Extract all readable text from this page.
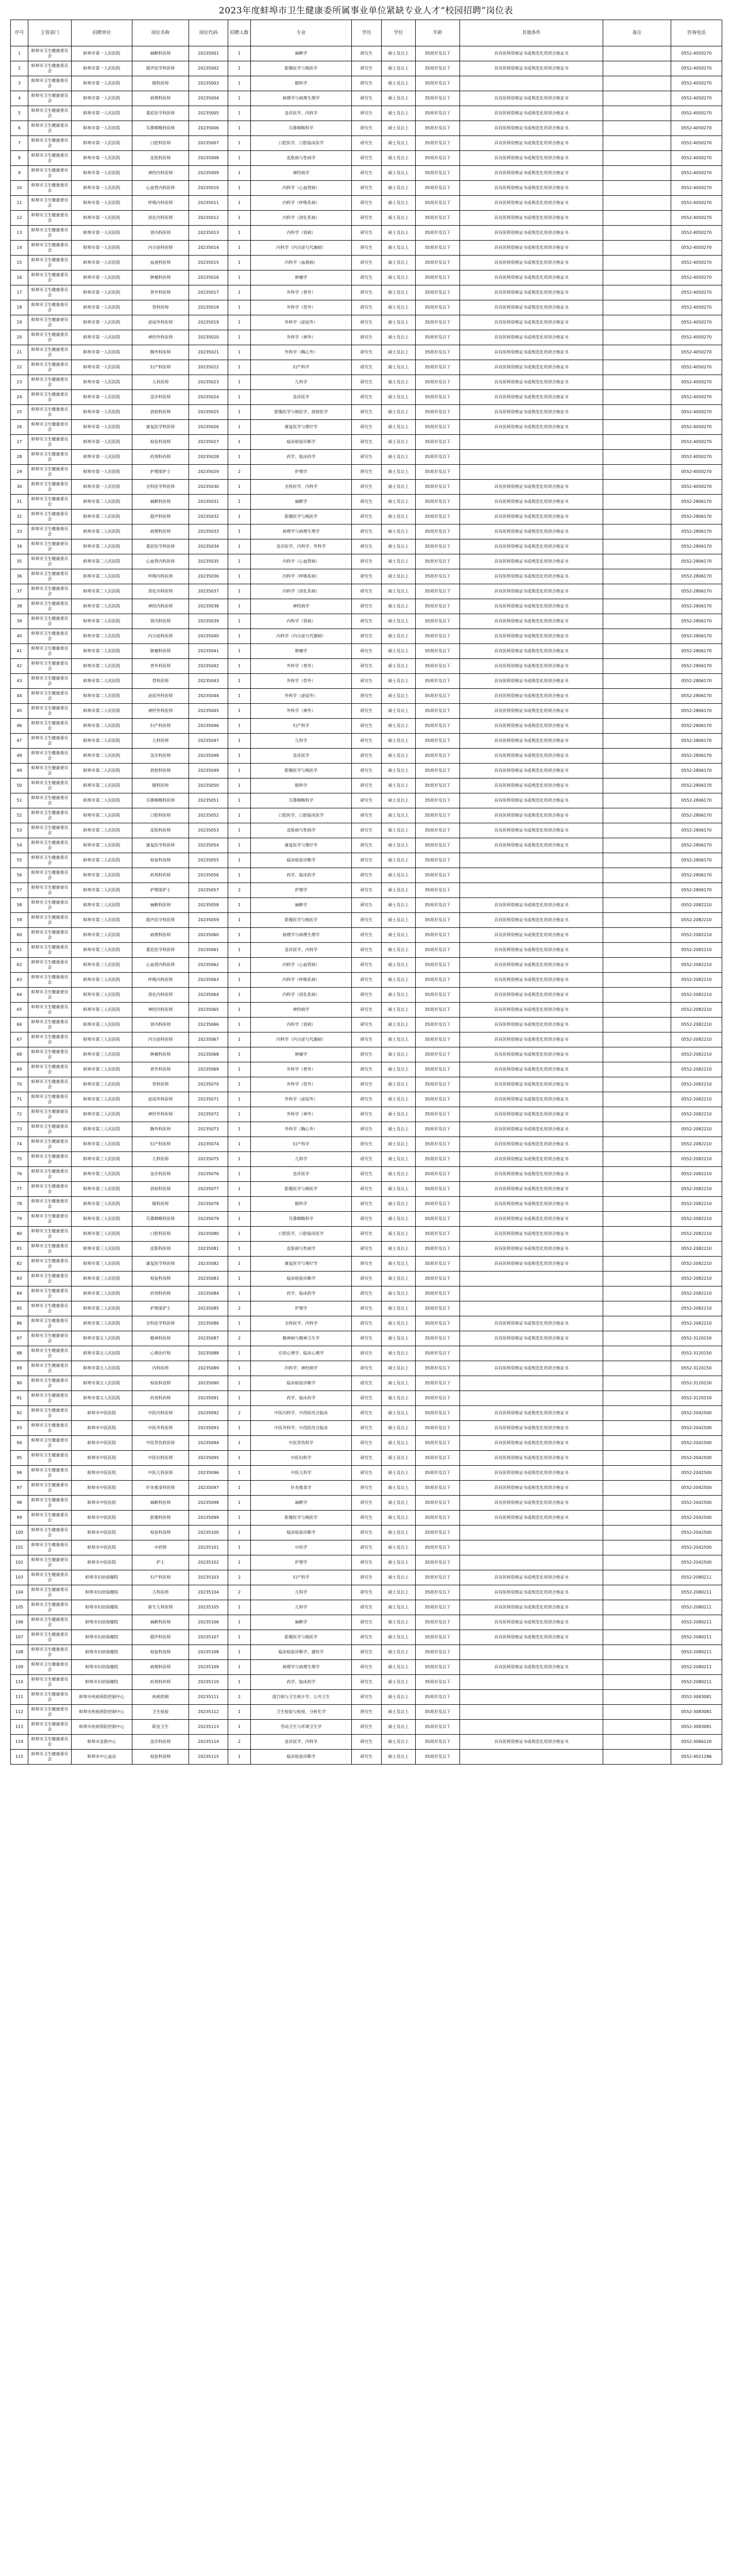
2023年度蚌埠市卫生健康委所属事业单位紧缺专业人才“校园招聘”岗位表
序号	主管部门	招聘单位	岗位名称	岗位代码	招聘人数	专业	学历	学位	年龄	其他条件	备注	咨询电话
1	蚌埠市卫生健康委员会	蚌埠市第一人民医院	麻醉科医师	20235001	1	麻醉学	研究生	硕士及以上	35周岁及以下	具有医师资格证书或规范化培训合格证书		0552-4050270
2	蚌埠市卫生健康委员会	蚌埠市第一人民医院	超声医学科医师	20235002	1	影像医学与核医学	研究生	硕士及以上	35周岁及以下	具有医师资格证书或规范化培训合格证书		0552-4050270
3	蚌埠市卫生健康委员会	蚌埠市第一人民医院	眼科医师	20235003	1	眼科学	研究生	硕士及以上	35周岁及以下			0552-4050270
4	蚌埠市卫生健康委员会	蚌埠市第一人民医院	病理科医师	20235004	1	病理学与病理生理学	研究生	硕士及以上	35周岁及以下	具有医师资格证书或规范化培训合格证书		0552-4050270
5	蚌埠市卫生健康委员会	蚌埠市第一人民医院	重症医学科医师	20235005	1	急诊医学、内科学	研究生	硕士及以上	35周岁及以下	具有医师资格证书或规范化培训合格证书		0552-4050270
6	蚌埠市卫生健康委员会	蚌埠市第一人民医院	耳鼻咽喉科医师	20235006	1	耳鼻咽喉科学	研究生	硕士及以上	35周岁及以下	具有医师资格证书或规范化培训合格证书		0552-4050270
7	蚌埠市卫生健康委员会	蚌埠市第一人民医院	口腔科医师	20235007	1	口腔医学、口腔临床医学	研究生	硕士及以上	35周岁及以下	具有医师资格证书或规范化培训合格证书		0552-4050270
8	蚌埠市卫生健康委员会	蚌埠市第一人民医院	皮肤科医师	20235008	1	皮肤病与性病学	研究生	硕士及以上	35周岁及以下	具有医师资格证书或规范化培训合格证书		0552-4050270
9	蚌埠市卫生健康委员会	蚌埠市第一人民医院	神经内科医师	20235009	1	神经病学	研究生	硕士及以上	35周岁及以下	具有医师资格证书或规范化培训合格证书		0552-4050270
10	蚌埠市卫生健康委员会	蚌埠市第一人民医院	心血管内科医师	20235010	1	内科学（心血管病）	研究生	硕士及以上	35周岁及以下	具有医师资格证书或规范化培训合格证书		0552-4050270
11	蚌埠市卫生健康委员会	蚌埠市第一人民医院	呼吸内科医师	20235011	1	内科学（呼吸系病）	研究生	硕士及以上	35周岁及以下	具有医师资格证书或规范化培训合格证书		0552-4050270
12	蚌埠市卫生健康委员会	蚌埠市第一人民医院	消化内科医师	20235012	1	内科学（消化系病）	研究生	硕士及以上	35周岁及以下	具有医师资格证书或规范化培训合格证书		0552-4050270
13	蚌埠市卫生健康委员会	蚌埠市第一人民医院	肾内科医师	20235013	1	内科学（肾病）	研究生	硕士及以上	35周岁及以下	具有医师资格证书或规范化培训合格证书		0552-4050270
14	蚌埠市卫生健康委员会	蚌埠市第一人民医院	内分泌科医师	20235014	1	内科学（内分泌与代谢病）	研究生	硕士及以上	35周岁及以下	具有医师资格证书或规范化培训合格证书		0552-4050270
15	蚌埠市卫生健康委员会	蚌埠市第一人民医院	血液科医师	20235015	1	内科学（血液病）	研究生	硕士及以上	35周岁及以下	具有医师资格证书或规范化培训合格证书		0552-4050270
16	蚌埠市卫生健康委员会	蚌埠市第一人民医院	肿瘤科医师	20235016	1	肿瘤学	研究生	硕士及以上	35周岁及以下	具有医师资格证书或规范化培训合格证书		0552-4050270
17	蚌埠市卫生健康委员会	蚌埠市第一人民医院	普外科医师	20235017	1	外科学（普外）	研究生	硕士及以上	35周岁及以下	具有医师资格证书或规范化培训合格证书		0552-4050270
18	蚌埠市卫生健康委员会	蚌埠市第一人民医院	骨科医师	20235018	1	外科学（骨外）	研究生	硕士及以上	35周岁及以下	具有医师资格证书或规范化培训合格证书		0552-4050270
19	蚌埠市卫生健康委员会	蚌埠市第一人民医院	泌尿外科医师	20235019	1	外科学（泌尿外）	研究生	硕士及以上	35周岁及以下	具有医师资格证书或规范化培训合格证书		0552-4050270
20	蚌埠市卫生健康委员会	蚌埠市第一人民医院	神经外科医师	20235020	1	外科学（神外）	研究生	硕士及以上	35周岁及以下	具有医师资格证书或规范化培训合格证书		0552-4050270
21	蚌埠市卫生健康委员会	蚌埠市第一人民医院	胸外科医师	20235021	1	外科学（胸心外）	研究生	硕士及以上	35周岁及以下	具有医师资格证书或规范化培训合格证书		0552-4050270
22	蚌埠市卫生健康委员会	蚌埠市第一人民医院	妇产科医师	20235022	1	妇产科学	研究生	硕士及以上	35周岁及以下	具有医师资格证书或规范化培训合格证书		0552-4050270
23	蚌埠市卫生健康委员会	蚌埠市第一人民医院	儿科医师	20235023	1	儿科学	研究生	硕士及以上	35周岁及以下	具有医师资格证书或规范化培训合格证书		0552-4050270
24	蚌埠市卫生健康委员会	蚌埠市第一人民医院	急诊科医师	20235024	1	急诊医学	研究生	硕士及以上	35周岁及以下	具有医师资格证书或规范化培训合格证书		0552-4050270
25	蚌埠市卫生健康委员会	蚌埠市第一人民医院	放射科医师	20235025	1	影像医学与核医学、放射医学	研究生	硕士及以上	35周岁及以下	具有医师资格证书或规范化培训合格证书		0552-4050270
26	蚌埠市卫生健康委员会	蚌埠市第一人民医院	康复医学科医师	20235026	1	康复医学与理疗学	研究生	硕士及以上	35周岁及以下	具有医师资格证书或规范化培训合格证书		0552-4050270
27	蚌埠市卫生健康委员会	蚌埠市第一人民医院	检验科技师	20235027	1	临床检验诊断学	研究生	硕士及以上	35周岁及以下			0552-4050270
28	蚌埠市卫生健康委员会	蚌埠市第一人民医院	药剂科药师	20235028	1	药学、临床药学	研究生	硕士及以上	35周岁及以下			0552-4050270
29	蚌埠市卫生健康委员会	蚌埠市第一人民医院	护理部护士	20235029	2	护理学	研究生	硕士及以上	35周岁及以下			0552-4050270
30	蚌埠市卫生健康委员会	蚌埠市第一人民医院	全科医学科医师	20235030	1	全科医学、内科学	研究生	硕士及以上	35周岁及以下	具有医师资格证书或规范化培训合格证书		0552-4050270
31	蚌埠市卫生健康委员会	蚌埠市第二人民医院	麻醉科医师	20235031	1	麻醉学	研究生	硕士及以上	35周岁及以下	具有医师资格证书或规范化培训合格证书		0552-2806170
32	蚌埠市卫生健康委员会	蚌埠市第二人民医院	超声科医师	20235032	1	影像医学与核医学	研究生	硕士及以上	35周岁及以下	具有医师资格证书或规范化培训合格证书		0552-2806170
33	蚌埠市卫生健康委员会	蚌埠市第二人民医院	病理科医师	20235033	1	病理学与病理生理学	研究生	硕士及以上	35周岁及以下	具有医师资格证书或规范化培训合格证书		0552-2806170
34	蚌埠市卫生健康委员会	蚌埠市第二人民医院	重症医学科医师	20235034	1	急诊医学、内科学、外科学	研究生	硕士及以上	35周岁及以下	具有医师资格证书或规范化培训合格证书		0552-2806170
35	蚌埠市卫生健康委员会	蚌埠市第二人民医院	心血管内科医师	20235035	1	内科学（心血管病）	研究生	硕士及以上	35周岁及以下	具有医师资格证书或规范化培训合格证书		0552-2806170
36	蚌埠市卫生健康委员会	蚌埠市第二人民医院	呼吸内科医师	20235036	1	内科学（呼吸系病）	研究生	硕士及以上	35周岁及以下	具有医师资格证书或规范化培训合格证书		0552-2806170
37	蚌埠市卫生健康委员会	蚌埠市第二人民医院	消化内科医师	20235037	1	内科学（消化系病）	研究生	硕士及以上	35周岁及以下	具有医师资格证书或规范化培训合格证书		0552-2806170
38	蚌埠市卫生健康委员会	蚌埠市第二人民医院	神经内科医师	20235038	1	神经病学	研究生	硕士及以上	35周岁及以下	具有医师资格证书或规范化培训合格证书		0552-2806170
39	蚌埠市卫生健康委员会	蚌埠市第二人民医院	肾内科医师	20235039	1	内科学（肾病）	研究生	硕士及以上	35周岁及以下	具有医师资格证书或规范化培训合格证书		0552-2806170
40	蚌埠市卫生健康委员会	蚌埠市第二人民医院	内分泌科医师	20235040	1	内科学（内分泌与代谢病）	研究生	硕士及以上	35周岁及以下	具有医师资格证书或规范化培训合格证书		0552-2806170
41	蚌埠市卫生健康委员会	蚌埠市第二人民医院	肿瘤科医师	20235041	1	肿瘤学	研究生	硕士及以上	35周岁及以下	具有医师资格证书或规范化培训合格证书		0552-2806170
42	蚌埠市卫生健康委员会	蚌埠市第二人民医院	普外科医师	20235042	1	外科学（普外）	研究生	硕士及以上	35周岁及以下	具有医师资格证书或规范化培训合格证书		0552-2806170
43	蚌埠市卫生健康委员会	蚌埠市第二人民医院	骨科医师	20235043	1	外科学（骨外）	研究生	硕士及以上	35周岁及以下	具有医师资格证书或规范化培训合格证书		0552-2806170
44	蚌埠市卫生健康委员会	蚌埠市第二人民医院	泌尿外科医师	20235044	1	外科学（泌尿外）	研究生	硕士及以上	35周岁及以下	具有医师资格证书或规范化培训合格证书		0552-2806170
45	蚌埠市卫生健康委员会	蚌埠市第二人民医院	神经外科医师	20235045	1	外科学（神外）	研究生	硕士及以上	35周岁及以下	具有医师资格证书或规范化培训合格证书		0552-2806170
46	蚌埠市卫生健康委员会	蚌埠市第二人民医院	妇产科医师	20235046	1	妇产科学	研究生	硕士及以上	35周岁及以下	具有医师资格证书或规范化培训合格证书		0552-2806170
47	蚌埠市卫生健康委员会	蚌埠市第二人民医院	儿科医师	20235047	1	儿科学	研究生	硕士及以上	35周岁及以下	具有医师资格证书或规范化培训合格证书		0552-2806170
48	蚌埠市卫生健康委员会	蚌埠市第二人民医院	急诊科医师	20235048	1	急诊医学	研究生	硕士及以上	35周岁及以下	具有医师资格证书或规范化培训合格证书		0552-2806170
49	蚌埠市卫生健康委员会	蚌埠市第二人民医院	放射科医师	20235049	1	影像医学与核医学	研究生	硕士及以上	35周岁及以下	具有医师资格证书或规范化培训合格证书		0552-2806170
50	蚌埠市卫生健康委员会	蚌埠市第二人民医院	眼科医师	20235050	1	眼科学	研究生	硕士及以上	35周岁及以下	具有医师资格证书或规范化培训合格证书		0552-2806170
51	蚌埠市卫生健康委员会	蚌埠市第二人民医院	耳鼻咽喉科医师	20235051	1	耳鼻咽喉科学	研究生	硕士及以上	35周岁及以下	具有医师资格证书或规范化培训合格证书		0552-2806170
52	蚌埠市卫生健康委员会	蚌埠市第二人民医院	口腔科医师	20235052	1	口腔医学、口腔临床医学	研究生	硕士及以上	35周岁及以下	具有医师资格证书或规范化培训合格证书		0552-2806170
53	蚌埠市卫生健康委员会	蚌埠市第二人民医院	皮肤科医师	20235053	1	皮肤病与性病学	研究生	硕士及以上	35周岁及以下	具有医师资格证书或规范化培训合格证书		0552-2806170
54	蚌埠市卫生健康委员会	蚌埠市第二人民医院	康复医学科医师	20235054	1	康复医学与理疗学	研究生	硕士及以上	35周岁及以下	具有医师资格证书或规范化培训合格证书		0552-2806170
55	蚌埠市卫生健康委员会	蚌埠市第二人民医院	检验科技师	20235055	1	临床检验诊断学	研究生	硕士及以上	35周岁及以下			0552-2806170
56	蚌埠市卫生健康委员会	蚌埠市第二人民医院	药剂科药师	20235056	1	药学、临床药学	研究生	硕士及以上	35周岁及以下			0552-2806170
57	蚌埠市卫生健康委员会	蚌埠市第二人民医院	护理部护士	20235057	2	护理学	研究生	硕士及以上	35周岁及以下			0552-2806170
58	蚌埠市卫生健康委员会	蚌埠市第三人民医院	麻醉科医师	20235058	1	麻醉学	研究生	硕士及以上	35周岁及以下	具有医师资格证书或规范化培训合格证书		0552-2082210
59	蚌埠市卫生健康委员会	蚌埠市第三人民医院	超声医学科医师	20235059	1	影像医学与核医学	研究生	硕士及以上	35周岁及以下	具有医师资格证书或规范化培训合格证书		0552-2082210
60	蚌埠市卫生健康委员会	蚌埠市第三人民医院	病理科医师	20235060	1	病理学与病理生理学	研究生	硕士及以上	35周岁及以下	具有医师资格证书或规范化培训合格证书		0552-2082210
61	蚌埠市卫生健康委员会	蚌埠市第三人民医院	重症医学科医师	20235061	1	急诊医学、内科学	研究生	硕士及以上	35周岁及以下	具有医师资格证书或规范化培训合格证书		0552-2082210
62	蚌埠市卫生健康委员会	蚌埠市第三人民医院	心血管内科医师	20235062	1	内科学（心血管病）	研究生	硕士及以上	35周岁及以下	具有医师资格证书或规范化培训合格证书		0552-2082210
63	蚌埠市卫生健康委员会	蚌埠市第三人民医院	呼吸内科医师	20235063	1	内科学（呼吸系病）	研究生	硕士及以上	35周岁及以下	具有医师资格证书或规范化培训合格证书		0552-2082210
64	蚌埠市卫生健康委员会	蚌埠市第三人民医院	消化内科医师	20235064	1	内科学（消化系病）	研究生	硕士及以上	35周岁及以下	具有医师资格证书或规范化培训合格证书		0552-2082210
65	蚌埠市卫生健康委员会	蚌埠市第三人民医院	神经内科医师	20235065	1	神经病学	研究生	硕士及以上	35周岁及以下	具有医师资格证书或规范化培训合格证书		0552-2082210
66	蚌埠市卫生健康委员会	蚌埠市第三人民医院	肾内科医师	20235066	1	内科学（肾病）	研究生	硕士及以上	35周岁及以下	具有医师资格证书或规范化培训合格证书		0552-2082210
67	蚌埠市卫生健康委员会	蚌埠市第三人民医院	内分泌科医师	20235067	1	内科学（内分泌与代谢病）	研究生	硕士及以上	35周岁及以下	具有医师资格证书或规范化培训合格证书		0552-2082210
68	蚌埠市卫生健康委员会	蚌埠市第三人民医院	肿瘤科医师	20235068	1	肿瘤学	研究生	硕士及以上	35周岁及以下	具有医师资格证书或规范化培训合格证书		0552-2082210
69	蚌埠市卫生健康委员会	蚌埠市第三人民医院	普外科医师	20235069	1	外科学（普外）	研究生	硕士及以上	35周岁及以下	具有医师资格证书或规范化培训合格证书		0552-2082210
70	蚌埠市卫生健康委员会	蚌埠市第三人民医院	骨科医师	20235070	1	外科学（骨外）	研究生	硕士及以上	35周岁及以下	具有医师资格证书或规范化培训合格证书		0552-2082210
71	蚌埠市卫生健康委员会	蚌埠市第三人民医院	泌尿外科医师	20235071	1	外科学（泌尿外）	研究生	硕士及以上	35周岁及以下	具有医师资格证书或规范化培训合格证书		0552-2082210
72	蚌埠市卫生健康委员会	蚌埠市第三人民医院	神经外科医师	20235072	1	外科学（神外）	研究生	硕士及以上	35周岁及以下	具有医师资格证书或规范化培训合格证书		0552-2082210
73	蚌埠市卫生健康委员会	蚌埠市第三人民医院	胸外科医师	20235073	1	外科学（胸心外）	研究生	硕士及以上	35周岁及以下	具有医师资格证书或规范化培训合格证书		0552-2082210
74	蚌埠市卫生健康委员会	蚌埠市第三人民医院	妇产科医师	20235074	1	妇产科学	研究生	硕士及以上	35周岁及以下	具有医师资格证书或规范化培训合格证书		0552-2082210
75	蚌埠市卫生健康委员会	蚌埠市第三人民医院	儿科医师	20235075	1	儿科学	研究生	硕士及以上	35周岁及以下	具有医师资格证书或规范化培训合格证书		0552-2082210
76	蚌埠市卫生健康委员会	蚌埠市第三人民医院	急诊科医师	20235076	1	急诊医学	研究生	硕士及以上	35周岁及以下	具有医师资格证书或规范化培训合格证书		0552-2082210
77	蚌埠市卫生健康委员会	蚌埠市第三人民医院	放射科医师	20235077	1	影像医学与核医学	研究生	硕士及以上	35周岁及以下	具有医师资格证书或规范化培训合格证书		0552-2082210
78	蚌埠市卫生健康委员会	蚌埠市第三人民医院	眼科医师	20235078	1	眼科学	研究生	硕士及以上	35周岁及以下	具有医师资格证书或规范化培训合格证书		0552-2082210
79	蚌埠市卫生健康委员会	蚌埠市第三人民医院	耳鼻咽喉科医师	20235079	1	耳鼻咽喉科学	研究生	硕士及以上	35周岁及以下	具有医师资格证书或规范化培训合格证书		0552-2082210
80	蚌埠市卫生健康委员会	蚌埠市第三人民医院	口腔科医师	20235080	1	口腔医学、口腔临床医学	研究生	硕士及以上	35周岁及以下	具有医师资格证书或规范化培训合格证书		0552-2082210
81	蚌埠市卫生健康委员会	蚌埠市第三人民医院	皮肤科医师	20235081	1	皮肤病与性病学	研究生	硕士及以上	35周岁及以下	具有医师资格证书或规范化培训合格证书		0552-2082210
82	蚌埠市卫生健康委员会	蚌埠市第三人民医院	康复医学科医师	20235082	1	康复医学与理疗学	研究生	硕士及以上	35周岁及以下	具有医师资格证书或规范化培训合格证书		0552-2082210
83	蚌埠市卫生健康委员会	蚌埠市第三人民医院	检验科技师	20235083	1	临床检验诊断学	研究生	硕士及以上	35周岁及以下			0552-2082210
84	蚌埠市卫生健康委员会	蚌埠市第三人民医院	药剂科药师	20235084	1	药学、临床药学	研究生	硕士及以上	35周岁及以下			0552-2082210
85	蚌埠市卫生健康委员会	蚌埠市第三人民医院	护理部护士	20235085	2	护理学	研究生	硕士及以上	35周岁及以下			0552-2082210
86	蚌埠市卫生健康委员会	蚌埠市第三人民医院	全科医学科医师	20235086	1	全科医学、内科学	研究生	硕士及以上	35周岁及以下	具有医师资格证书或规范化培训合格证书		0552-2082210
87	蚌埠市卫生健康委员会	蚌埠市第五人民医院	精神科医师	20235087	2	精神病与精神卫生学	研究生	硕士及以上	35周岁及以下	具有医师资格证书或规范化培训合格证书		0552-3120150
88	蚌埠市卫生健康委员会	蚌埠市第五人民医院	心理治疗师	20235088	1	应用心理学、临床心理学	研究生	硕士及以上	35周岁及以下			0552-3120150
89	蚌埠市卫生健康委员会	蚌埠市第五人民医院	内科医师	20235089	1	内科学、神经病学	研究生	硕士及以上	35周岁及以下	具有医师资格证书或规范化培训合格证书		0552-3120150
90	蚌埠市卫生健康委员会	蚌埠市第五人民医院	检验科技师	20235090	1	临床检验诊断学	研究生	硕士及以上	35周岁及以下			0552-3120150
91	蚌埠市卫生健康委员会	蚌埠市第五人民医院	药剂科药师	20235091	1	药学、临床药学	研究生	硕士及以上	35周岁及以下			0552-3120150
92	蚌埠市卫生健康委员会	蚌埠市中医医院	中医内科医师	20235092	2	中医内科学、中西医结合临床	研究生	硕士及以上	35周岁及以下	具有医师资格证书或规范化培训合格证书		0552-2042500
93	蚌埠市卫生健康委员会	蚌埠市中医医院	中医外科医师	20235093	1	中医外科学、中西医结合临床	研究生	硕士及以上	35周岁及以下	具有医师资格证书或规范化培训合格证书		0552-2042500
94	蚌埠市卫生健康委员会	蚌埠市中医医院	中医骨伤科医师	20235094	1	中医骨伤科学	研究生	硕士及以上	35周岁及以下	具有医师资格证书或规范化培训合格证书		0552-2042500
95	蚌埠市卫生健康委员会	蚌埠市中医医院	中医妇科医师	20235095	1	中医妇科学	研究生	硕士及以上	35周岁及以下	具有医师资格证书或规范化培训合格证书		0552-2042500
96	蚌埠市卫生健康委员会	蚌埠市中医医院	中医儿科医师	20235096	1	中医儿科学	研究生	硕士及以上	35周岁及以下	具有医师资格证书或规范化培训合格证书		0552-2042500
97	蚌埠市卫生健康委员会	蚌埠市中医医院	针灸推拿科医师	20235097	1	针灸推拿学	研究生	硕士及以上	35周岁及以下	具有医师资格证书或规范化培训合格证书		0552-2042500
98	蚌埠市卫生健康委员会	蚌埠市中医医院	麻醉科医师	20235098	1	麻醉学	研究生	硕士及以上	35周岁及以下	具有医师资格证书或规范化培训合格证书		0552-2042500
99	蚌埠市卫生健康委员会	蚌埠市中医医院	影像科医师	20235099	1	影像医学与核医学	研究生	硕士及以上	35周岁及以下	具有医师资格证书或规范化培训合格证书		0552-2042500
100	蚌埠市卫生健康委员会	蚌埠市中医医院	检验科技师	20235100	1	临床检验诊断学	研究生	硕士及以上	35周岁及以下			0552-2042500
101	蚌埠市卫生健康委员会	蚌埠市中医医院	中药师	20235101	1	中药学	研究生	硕士及以上	35周岁及以下			0552-2042500
102	蚌埠市卫生健康委员会	蚌埠市中医医院	护士	20235102	1	护理学	研究生	硕士及以上	35周岁及以下			0552-2042500
103	蚌埠市卫生健康委员会	蚌埠市妇幼保健院	妇产科医师	20235103	2	妇产科学	研究生	硕士及以上	35周岁及以下	具有医师资格证书或规范化培训合格证书		0552-2080211
104	蚌埠市卫生健康委员会	蚌埠市妇幼保健院	儿科医师	20235104	2	儿科学	研究生	硕士及以上	35周岁及以下	具有医师资格证书或规范化培训合格证书		0552-2080211
105	蚌埠市卫生健康委员会	蚌埠市妇幼保健院	新生儿科医师	20235105	1	儿科学	研究生	硕士及以上	35周岁及以下	具有医师资格证书或规范化培训合格证书		0552-2080211
106	蚌埠市卫生健康委员会	蚌埠市妇幼保健院	麻醉科医师	20235106	1	麻醉学	研究生	硕士及以上	35周岁及以下	具有医师资格证书或规范化培训合格证书		0552-2080211
107	蚌埠市卫生健康委员会	蚌埠市妇幼保健院	超声科医师	20235107	1	影像医学与核医学	研究生	硕士及以上	35周岁及以下	具有医师资格证书或规范化培训合格证书		0552-2080211
108	蚌埠市卫生健康委员会	蚌埠市妇幼保健院	检验科技师	20235108	1	临床检验诊断学、遗传学	研究生	硕士及以上	35周岁及以下			0552-2080211
109	蚌埠市卫生健康委员会	蚌埠市妇幼保健院	病理科医师	20235109	1	病理学与病理生理学	研究生	硕士及以上	35周岁及以下	具有医师资格证书或规范化培训合格证书		0552-2080211
110	蚌埠市卫生健康委员会	蚌埠市妇幼保健院	药剂科药师	20235110	1	药学、临床药学	研究生	硕士及以上	35周岁及以下			0552-2080211
111	蚌埠市卫生健康委员会	蚌埠市疾病预防控制中心	疾病控制	20235111	2	流行病与卫生统计学、公共卫生	研究生	硕士及以上	35周岁及以下			0552-3083081
112	蚌埠市卫生健康委员会	蚌埠市疾病预防控制中心	卫生检验	20235112	1	卫生检验与检疫、分析化学	研究生	硕士及以上	35周岁及以下			0552-3083081
113	蚌埠市卫生健康委员会	蚌埠市疾病预防控制中心	职业卫生	20235113	1	劳动卫生与环境卫生学	研究生	硕士及以上	35周岁及以下			0552-3083081
114	蚌埠市卫生健康委员会	蚌埠市急救中心	急诊科医师	20235114	2	急诊医学、内科学	研究生	硕士及以上	35周岁及以下	具有医师资格证书或规范化培训合格证书		0552-3066120
115	蚌埠市卫生健康委员会	蚌埠市中心血站	检验科技师	20235115	1	临床检验诊断学	研究生	硕士及以上	35周岁及以下			0552-4021286
